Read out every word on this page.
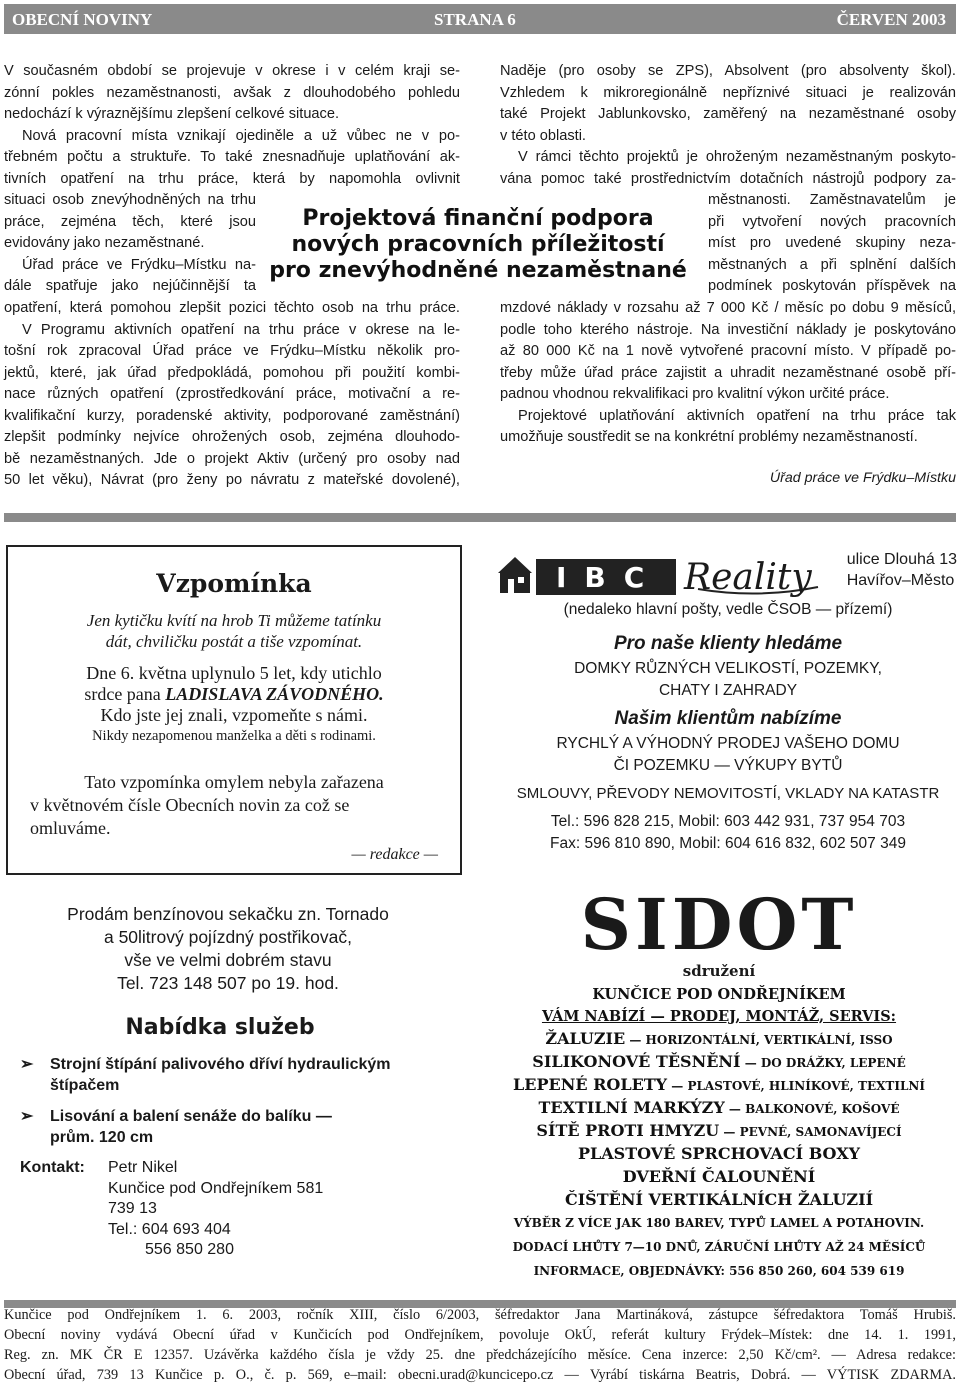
OBECNÍ NOVINY	STRANA 6	ČERVEN 2003

V současném období se projevuje v okrese i v celém kraji se-

zónní pokles nezaměstnanosti, avšak z dlouhodobého pohledu

nedochází k výraznějšímu zlepšení celkové situace.

Nová pracovní místa vznikají ojediněle a už vůbec ne v po-

třebném počtu a struktuře. To také znesnadňuje uplatňování ak-

tivních opatření na trhu práce, která by napomohla ovlivnit

situaci osob znevýhodněných na trhu

práce, zejména těch, které jsou

evidovány jako nezaměstnané.

Úřad práce ve Frýdku–Místku na-

dále spatřuje jako nejúčinnější ta

opatření, která pomohou zlepšit pozici těchto osob na trhu práce.

V Programu aktivních opatření na trhu práce v okrese na le-

tošní rok zpracoval Úřad práce ve Frýdku–Místku několik pro-

jektů, které, jak úřad předpokládá, pomohou při použití kombi-

nace různých opatření (zprostředkování práce, motivační a re-

kvalifikační kurzy, poradenské aktivity, podporované zaměstnání)

zlepšit podmínky nejvíce ohrožených osob, zejména dlouhodo-

bě nezaměstnaných. Jde o projekt Aktiv (určený pro osoby nad

50 let věku), Návrat (pro ženy po návratu z mateřské dovolené),

Projektová finanční podpora
nových pracovních příležitostí
pro znevýhodněné nezaměstnané

Naděje (pro osoby se ZPS), Absolvent (pro absolventy škol).

Vzhledem k mikroregionálně nepříznivé situaci je realizován

také Projekt Jablunkovsko, zaměřený na nezaměstnané osoby

v této oblasti.

V rámci těchto projektů je ohroženým nezaměstnaným poskyto-

vána pomoc také prostřednictvím dotačních nástrojů podpory za-

městnanosti. Zaměstnavatelům je

při vytvoření nových pracovních

míst pro uvedené skupiny neza-

městnaných a při splnění dalších

podmínek poskytován příspěvek na

mzdové náklady v rozsahu až 7 000 Kč / měsíc po dobu 9 měsíců,

podle toho kterého nástroje. Na investiční náklady je poskytováno

až 80 000 Kč na 1 nově vytvořené pracovní místo. V případě po-

třeby může úřad práce zajistit a uhradit nezaměstnané osobě pří-

padnou vhodnou rekvalifikaci pro kvalitní výkon určité práce.

Projektové uplatňování aktivních opatření na trhu práce tak

umožňuje soustředit se na konkrétní problémy nezaměstnaností.

Úřad práce ve Frýdku–Místku
Vzpomínka
Jen kytičku kvítí na hrob Ti můžeme tatínku
dát, chviličku postát a tiše vzpomínat.
Dne 6. května uplynulo 5 let, kdy utichlo
srdce pana LADISLAVA ZÁVODNÉHO.
Kdo jste jej znali, vzpomeňte s námi.
Nikdy nezapomenou manželka a děti s rodinami.
Tato vzpomínka omylem nebyla zařazena
v květnovém čísle Obecních novin za což se
omluváme.
— redakce —
IBC Reality ulice Dlouhá 13
Havířov–Město
(nedaleko hlavní pošty, vedle ČSOB — přízemí)
Pro naše klienty hledáme
DOMKY RŮZNÝCH VELIKOSTÍ, POZEMKY,
CHATY I ZAHRADY
Našim klientům nabízíme
RYCHLÝ A VÝHODNÝ PRODEJ VAŠEHO DOMU
ČI POZEMKU — VÝKUPY BYTŮ
SMLOUVY, PŘEVODY NEMOVITOSTÍ, VKLADY NA KATASTR
Tel.: 596 828 215, Mobil: 603 442 931, 737 954 703
Fax: 596 810 890, Mobil: 604 616 832, 602 507 349
Prodám benzínovou sekačku zn. Tornado
a 50litrový pojízdný postřikovač,
vše ve velmi dobrém stavu
Tel. 723 148 507 po 19. hod.
Nabídka služeb
➢ Strojní štípání palivového dříví hydraulickým
štípačem
➢ Lisování a balení senáže do balíku —
prům. 120 cm
Kontakt: Petr Nikel
Kunčice pod Ondřejníkem 581
739 13
Tel.: 604 693 404
556 850 280
SIDOT
sdružení
KUNČICE POD ONDŘEJNÍKEM
VÁM NABÍZÍ — PRODEJ, MONTÁŽ, SERVIS:
ŽALUZIE — HORIZONTÁLNÍ, VERTIKÁLNÍ, ISSO
SILIKONOVÉ TĚSNĚNÍ — DO DRÁŽKY, LEPENÉ
LEPENÉ ROLETY — PLASTOVÉ, HLINÍKOVÉ, TEXTILNÍ
TEXTILNÍ MARKÝZY — BALKONOVÉ, KOŠOVÉ
SÍTĚ PROTI HMYZU — PEVNÉ, SAMONAVÍJECÍ
PLASTOVÉ SPRCHOVACÍ BOXY
DVEŘNÍ ČALOUNĚNÍ
ČIŠTĚNÍ VERTIKÁLNÍCH ŽALUZIÍ
VÝBĚR Z VÍCE JAK 180 BAREV, TYPŮ LAMEL A POTAHOVIN.
DODACÍ LHŮTY 7—10 DNŮ, ZÁRUČNÍ LHŮTY AŽ 24 MĚSÍCŮ
INFORMACE, OBJEDNÁVKY: 556 850 260, 604 539 619
Kunčice pod Ondřejníkem 1. 6. 2003, ročník XIII, číslo 6/2003, šéfredaktor Jana Martináková, zástupce šéfredaktora Tomáš Hrubiš.
Obecní noviny vydává Obecní úřad v Kunčicích pod Ondřejníkem, povoluje OkÚ, referát kultury Frýdek–Místek: dne 14. 1. 1991,
Reg. zn. MK ČR E 12357. Uzávěrka každého čísla je vždy 25. dne předcházejícího měsíce. Cena inzerce: 2,50 Kč/cm². — Adresa redakce:
Obecní úřad, 739 13 Kunčice p. O., č. p. 569, e–mail: obecni.urad@kuncicepo.cz — Vyrábí tiskárna Beatris, Dobrá. — VÝTISK ZDARMA.
